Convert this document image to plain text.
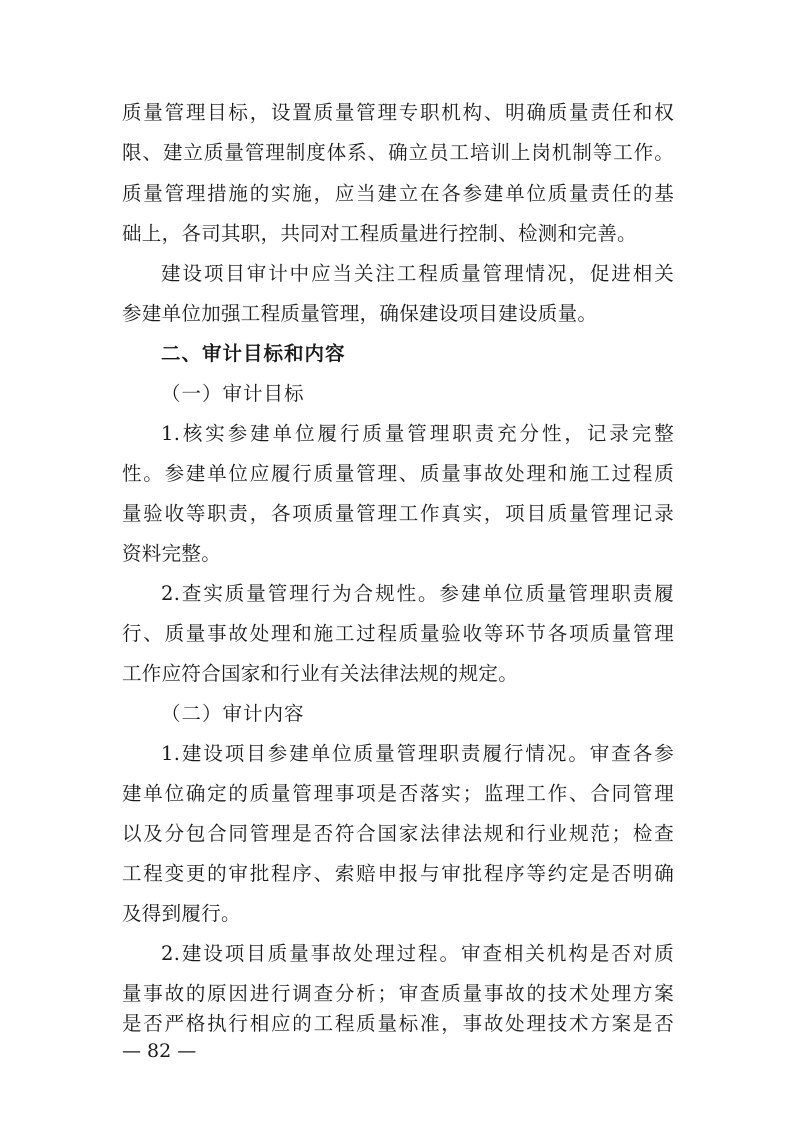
质量管理目标，设置质量管理专职机构、明确质量责任和权
限、建立质量管理制度体系、确立员工培训上岗机制等工作。
质量管理措施的实施，应当建立在各参建单位质量责任的基
础上，各司其职，共同对工程质量进行控制、检测和完善。
建设项目审计中应当关注工程质量管理情况，促进相关
参建单位加强工程质量管理，确保建设项目建设质量。
二、审计目标和内容
（一）审计目标
1.核实参建单位履行质量管理职责充分性，记录完整
性。参建单位应履行质量管理、质量事故处理和施工过程质
量验收等职责，各项质量管理工作真实，项目质量管理记录
资料完整。
2.查实质量管理行为合规性。参建单位质量管理职责履
行、质量事故处理和施工过程质量验收等环节各项质量管理
工作应符合国家和行业有关法律法规的规定。
（二）审计内容
1.建设项目参建单位质量管理职责履行情况。审查各参
建单位确定的质量管理事项是否落实；监理工作、合同管理
以及分包合同管理是否符合国家法律法规和行业规范；检查
工程变更的审批程序、索赔申报与审批程序等约定是否明确
及得到履行。
2.建设项目质量事故处理过程。审查相关机构是否对质
量事故的原因进行调查分析；审查质量事故的技术处理方案
是否严格执行相应的工程质量标准，事故处理技术方案是否
— 82 —
